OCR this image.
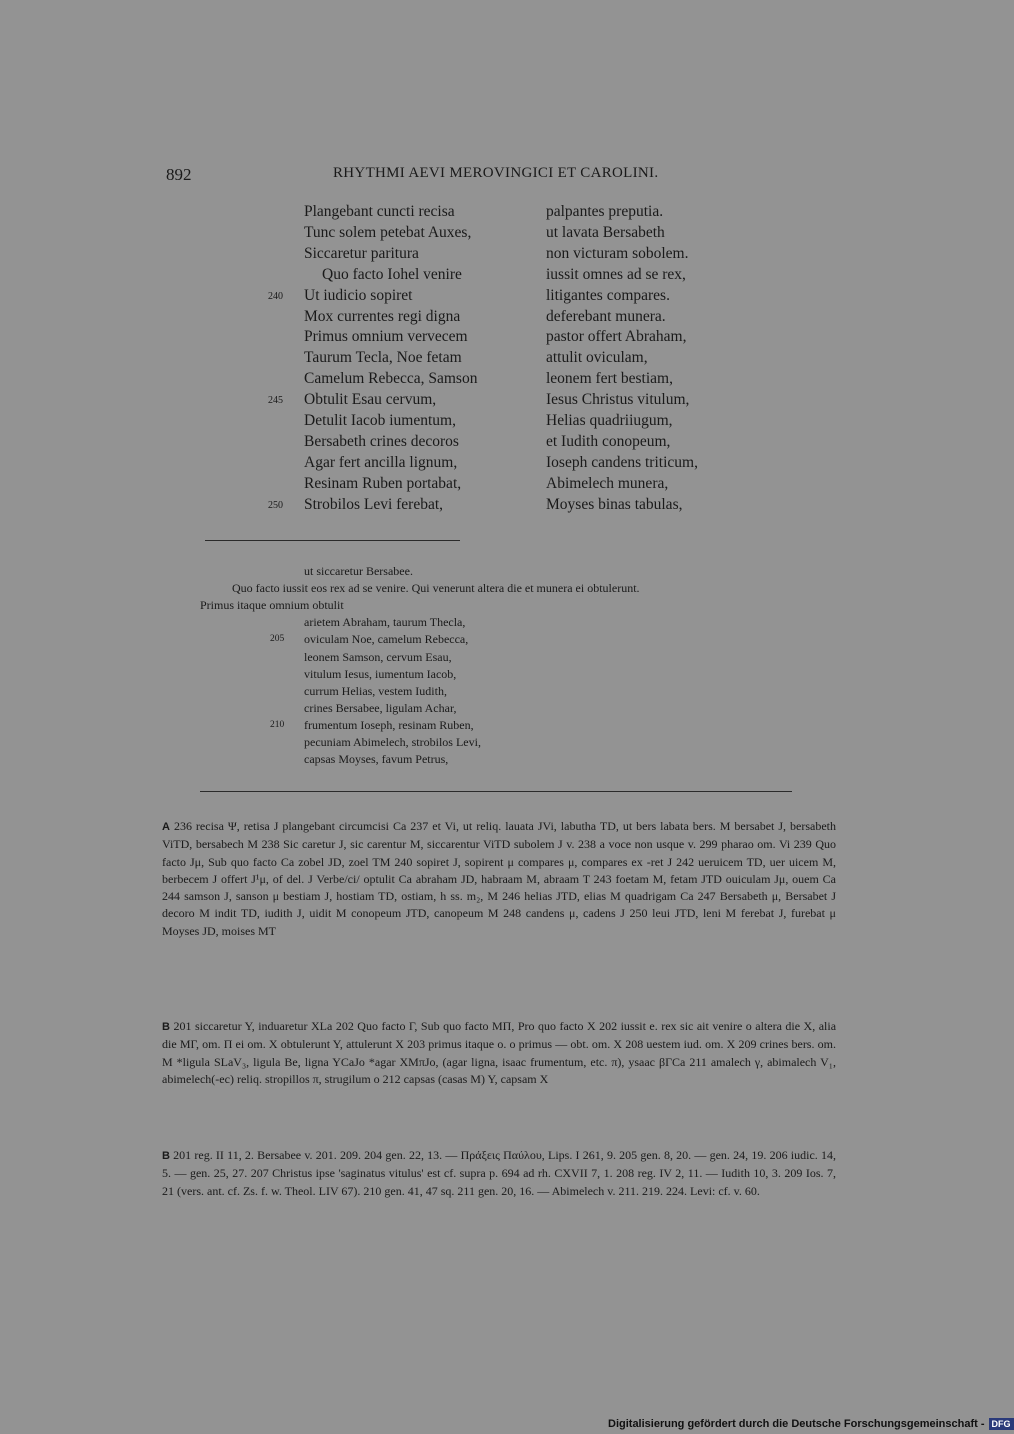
892	RHYTHMI AEVI MEROVINGICI ET CAROLINI.
Plangebant cuncti recisa	palpantes preputia.
Tunc solem petebat Auxes,	ut lavata Bersabeth
Siccaretur paritura	non victuram sobolem.
Quo facto Iohel venire	iussit omnes ad se rex,
240 Ut iudicio sopiret	litigantes compares.
Mox currentes regi digna	deferebant munera.
Primus omnium vervecem	pastor offert Abraham,
Taurum Tecla, Noe fetam	attulit oviculam,
Camelum Rebecca, Samson	leonem fert bestiam,
245 Obtulit Esau cervum,	Iesus Christus vitulum,
Detulit Iacob iumentum,	Helias quadriiugum,
Bersabeth crines decoros	et Iudith conopeum,
Agar fert ancilla lignum,	Ioseph candens triticum,
Resinam Ruben portabat,	Abimelech munera,
250 Strobilos Levi ferebat,	Moyses binas tabulas,
ut siccaretur Bersabee.
Quo facto iussit eos rex ad se venire. Qui venerunt altera die et munera ei obtulerunt.
Primus itaque omnium obtulit
arietem Abraham, taurum Thecla,
205 oviculam Noe, camelum Rebecca,
leonem Samson, cervum Esau,
vitulum Iesus, iumentum Iacob,
currum Helias, vestem Iudith,
crines Bersabee, ligulam Achar,
210 frumentum Ioseph, resinam Ruben,
pecuniam Abimelech, strobilos Levi,
capsas Moyses, favum Petrus,
A 236 recisa Ψ, retisa J plangebant circumcisi Ca 237 et Vi, ut reliq. lauata JVi, labutha TD, ut bers labata bers. M bersabet J, bersabeth ViTD, bersabech M 238 Sic caretur J, sic carentur M, siccarentur ViTD subolem J v. 238 a voce non usque v. 299 pharao om. Vi 239 Quo facto Jμ, Sub quo facto Ca zobel JD, zoel TM 240 sopiret J, sopirent μ compares μ, compares ex -ret J 242 ueruicem TD, uer uicem M, berbecem J offert J¹μ, of del. J Verbe/ci/ optulit Ca abraham JD, habraam M, abraam T 243 foetam M, fetam JTD ouiculam Jμ, ouem Ca 244 samson J, sanson μ bestiam J, hostiam TD, ostiam, h ss. m₂, M 246 helias JTD, elias M quadrigam Ca 247 Bersabeth μ, Bersabet J decoro M indit TD, iudith J, uidit M conopeum JTD, canopeum M 248 candens μ, cadens J 250 leui JTD, leni M ferebat J, furebat μ Moyses JD, moises MT
B 201 siccaretur Y, induaretur XLa 202 Quo facto Γ, Sub quo facto MΠ, Pro quo facto X 202 iussit e. rex sic ait venire o altera die X, alia die MΓ, om. Π ei om. X obtulerunt Y, attulerunt X 203 primus itaque o. o primus — obt. om. X 208 uestem iud. om. X 209 crines bers. om. M *ligula SLaV₃, ligula Be, ligna YCaJo *agar XMπJo, (agar ligna, isaac frumentum, etc. π), ysaac βΓCa 211 amalech γ, abimalech V₁, abimelech(-ec) reliq. stropillos π, strugilum o 212 capsas (casas M) Y, capsam X
B 201 reg. II 11, 2. Bersabee v. 201. 209. 204 gen. 22, 13. — Πράξεις Παύλου, Lips. I 261, 9. 205 gen. 8, 20. — gen. 24, 19. 206 iudic. 14, 5. — gen. 25, 27. 207 Christus ipse 'saginatus vitulus' est cf. supra p. 694 ad rh. CXVII 7, 1. 208 reg. IV 2, 11. — Iudith 10, 3. 209 Ios. 7, 21 (vers. ant. cf. Zs. f. w. Theol. LIV 67). 210 gen. 41, 47 sq. 211 gen. 20, 16. — Abimelech v. 211. 219. 224. Levi: cf. v. 60.
Digitalisierung gefördert durch die Deutsche Forschungsgemeinschaft - DFG
